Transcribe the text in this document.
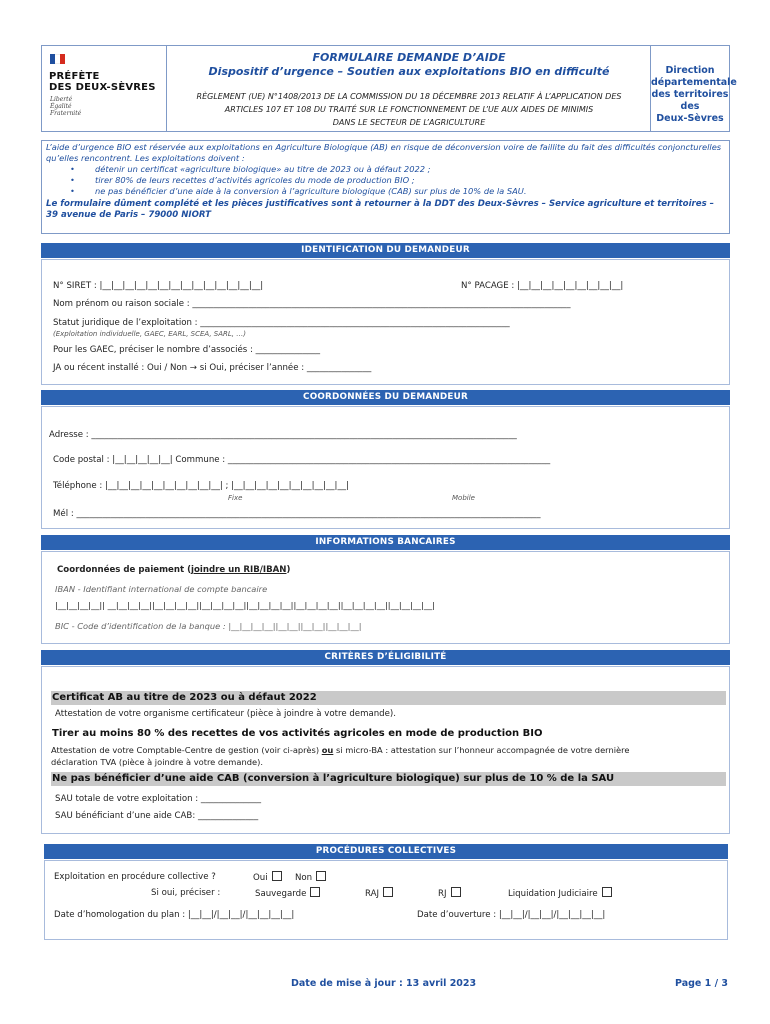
PRÉFÈTE
DES DEUX-SÈVRES
Liberté
Égalité
Fraternité
FORMULAIRE DEMANDE D’AIDE
Dispositif d’urgence – Soutien aux exploitations BIO en difficulté
RÈGLEMENT (UE) N°1408/2013 DE LA COMMISSION DU 18 DÉCEMBRE 2013 RELATIF À L’APPLICATION DES
ARTICLES 107 ET 108 DU TRAITÉ SUR LE FONCTIONNEMENT DE L’UE AUX AIDES DE MINIMIS
DANS LE SECTEUR DE L’AGRICULTURE
Direction
départementale
des territoires des
Deux-Sèvres
L’aide d’urgence BIO est réservée aux exploitations en Agriculture Biologique (AB) en risque de déconversion voire de faillite du fait des difficultés conjoncturelles qu’elles rencontrent. Les exploitations doivent :
• détenir un certificat «agriculture biologique» au titre de 2023 ou à défaut 2022 ;
• tirer 80% de leurs recettes d’activités agricoles du mode de production BIO ;
• ne pas bénéficier d’une aide à la conversion à l’agriculture biologique (CAB) sur plus de 10% de la SAU.
Le formulaire dûment complété et les pièces justificatives sont à retourner à la DDT des Deux-Sèvres – Service agriculture et territoires – 39 avenue de Paris – 79000 NIORT
IDENTIFICATION DU DEMANDEUR
N° SIRET : |__|__|__|__|__|__|__|__|__|__|__|__|__|__|	N° PACAGE : |__|__|__|__|__|__|__|__|__|
Nom prénom ou raison sociale : ________________________________________________________________________________________
Statut juridique de l’exploitation : ________________________________________________________________________
(Exploitation individuelle, GAEC, EARL, SCEA, SARL, …)
Pour les GAEC, préciser le nombre d’associés : _______________
JA ou récent installé : Oui / Non → si Oui, préciser l’année : _______________
COORDONNÉES DU DEMANDEUR
Adresse : ___________________________________________________________________________________________________
Code postal : |__|__|__|__|__| Commune : ___________________________________________________________________________
Téléphone : |__|__|__|__|__|__|__|__|__|__| ; |__|__|__|__|__|__|__|__|__|__|
Fixe	Mobile
Mél : ____________________________________________________________________________________________________________
INFORMATIONS BANCAIRES
Coordonnées de paiement (joindre un RIB/IBAN)
IBAN - Identifiant international de compte bancaire
|__|__|__|__|| __|__|__|__||__|__|__|__||__|__|__|__||__|__|__|__||__|__|__|__||__|__|__|__||__|__|__|__|
BIC - Code d’identification de la banque : |__|__|__|__||__|__||__|__||__|__|__|
CRITÈRES D’ÉLIGIBILITÉ
Certificat AB au titre de 2023 ou à défaut 2022
Attestation de votre organisme certificateur (pièce à joindre à votre demande).
Tirer au moins 80 % des recettes de vos activités agricoles en mode de production BIO
Attestation de votre Comptable-Centre de gestion (voir ci-après) ou si micro-BA : attestation sur l’honneur accompagnée de votre dernière
déclaration TVA (pièce à joindre à votre demande).
Ne pas bénéficier d’une aide CAB (conversion à l’agriculture biologique) sur plus de 10 % de la SAU
SAU totale de votre exploitation : ______________
SAU bénéficiant d’une aide CAB: ______________
PROCÉDURES COLLECTIVES
Exploitation en procédure collective ?	Oui	Non
Si oui, préciser :	Sauvegarde	RAJ	RJ	Liquidation Judiciaire
Date d’homologation du plan : |__|__|/|__|__|/|__|__|__|__|	Date d’ouverture : |__|__|/|__|__|/|__|__|__|__|
Date de mise à jour : 13 avril 2023	Page 1 / 3
